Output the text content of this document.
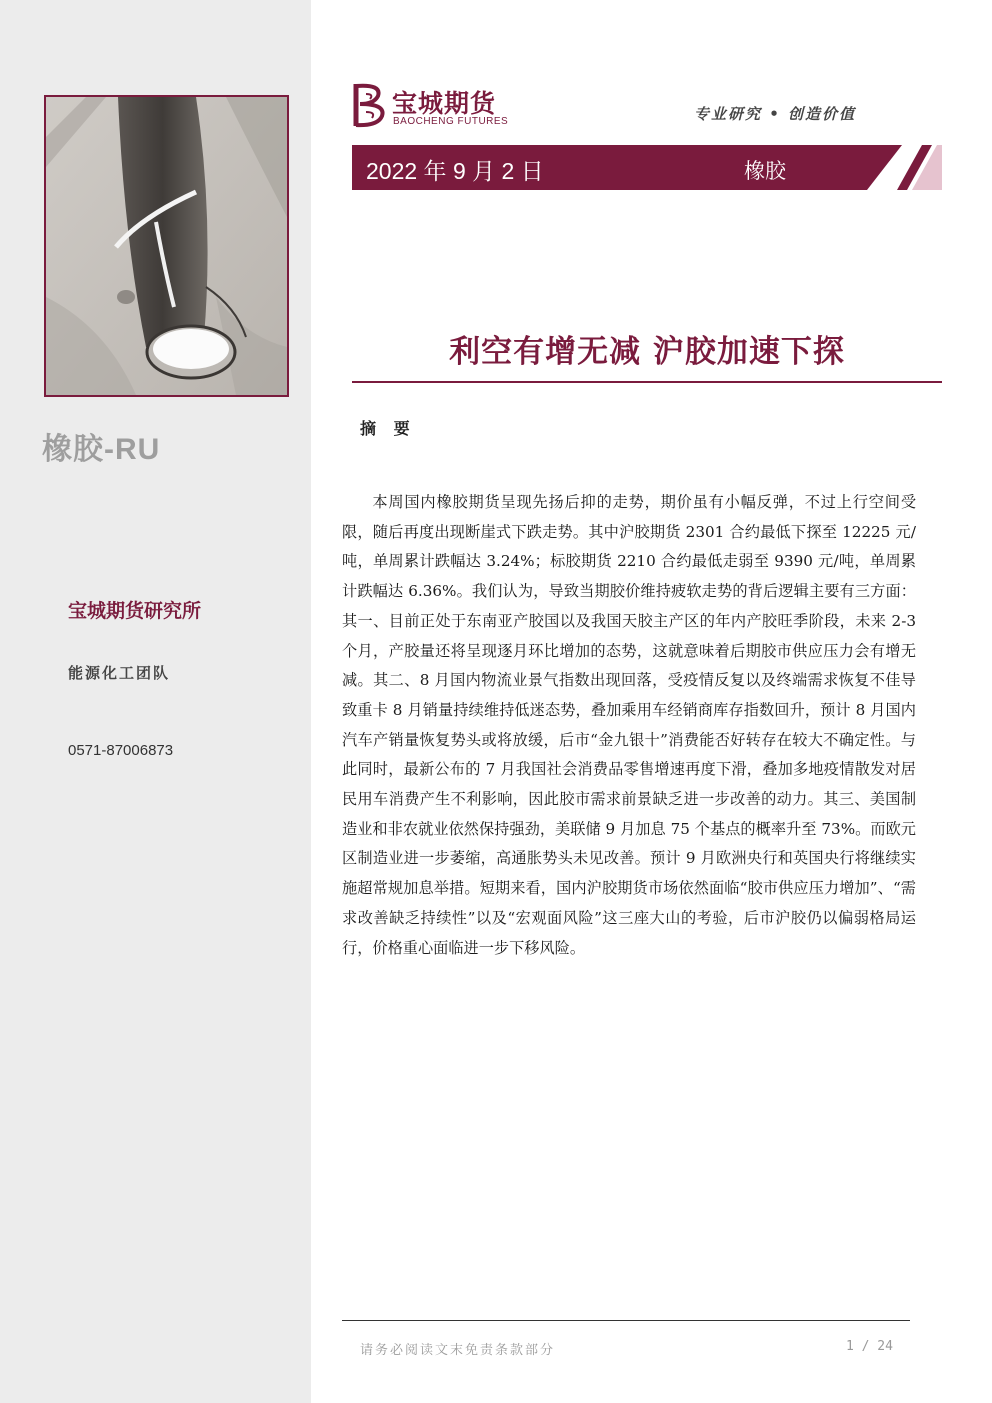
橡胶-RU
宝城期货研究所
能源化工团队
0571-87006873
宝城期货
BAOCHENG FUTURES	专业研究 • 创造价值
2022 年 9 月 2 日	橡胶
利空有增无减 沪胶加速下探
摘 要

本周国内橡胶期货呈现先扬后抑的走势，期价虽有小幅反弹，不过上行空间受限，随后再度出现断崖式下跌走势。其中沪胶期货 2301 合约最低下探至 12225 元/吨，单周累计跌幅达 3.24%；标胶期货 2210 合约最低走弱至 9390 元/吨，单周累计跌幅达 6.36%。我们认为，导致当期胶价维持疲软走势的背后逻辑主要有三方面：其一、目前正处于东南亚产胶国以及我国天胶主产区的年内产胶旺季阶段，未来 2-3 个月，产胶量还将呈现逐月环比增加的态势，这就意味着后期胶市供应压力会有增无减。其二、8 月国内物流业景气指数出现回落，受疫情反复以及终端需求恢复不佳导致重卡 8 月销量持续维持低迷态势，叠加乘用车经销商库存指数回升，预计 8 月国内汽车产销量恢复势头或将放缓，后市“金九银十”消费能否好转存在较大不确定性。与此同时，最新公布的 7 月我国社会消费品零售增速再度下滑，叠加多地疫情散发对居民用车消费产生不利影响，因此胶市需求前景缺乏进一步改善的动力。其三、美国制造业和非农就业依然保持强劲，美联储 9 月加息 75 个基点的概率升至 73%。而欧元区制造业进一步萎缩，高通胀势头未见改善。预计 9 月欧洲央行和英国央行将继续实施超常规加息举措。短期来看，国内沪胶期货市场依然面临“胶市供应压力增加”、“需求改善缺乏持续性”以及“宏观面风险”这三座大山的考验，后市沪胶仍以偏弱格局运行，价格重心面临进一步下移风险。

请务必阅读文末免责条款部分	1 / 24
